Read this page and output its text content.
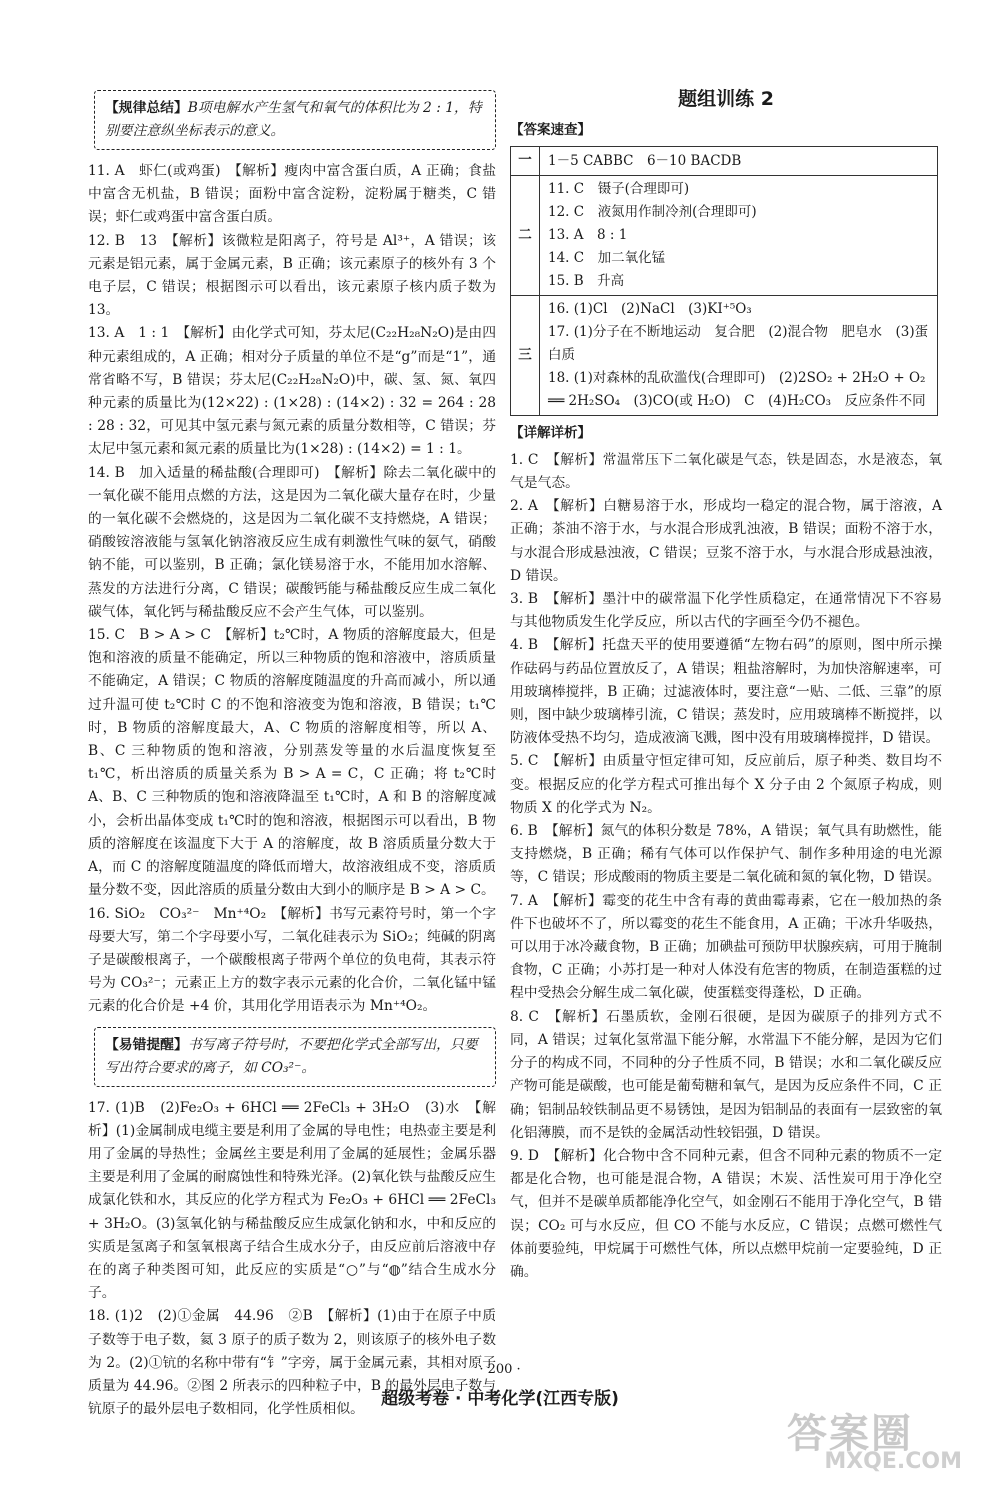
【规律总结】B项电解水产生氢气和氧气的体积比为 2 : 1，特别要注意纵坐标表示的意义。

11. A　虾仁(或鸡蛋)　【解析】瘦肉中富含蛋白质，A 正确；食盐中富含无机盐，B 错误；面粉中富含淀粉，淀粉属于糖类，C 错误；虾仁或鸡蛋中富含蛋白质。

12. B　13　【解析】该微粒是阳离子，符号是 Al³⁺，A 错误；该元素是铝元素，属于金属元素，B 正确；该元素原子的核外有 3 个电子层，C 错误；根据图示可以看出，该元素原子核内质子数为 13。

13. A　1 : 1　【解析】由化学式可知，芬太尼(C₂₂H₂₈N₂O)是由四种元素组成的，A 正确；相对分子质量的单位不是“g”而是“1”，通常省略不写，B 错误；芬太尼(C₂₂H₂₈N₂O)中，碳、氢、氮、氧四种元素的质量比为(12×22) : (1×28) : (14×2) : 32 = 264 : 28 : 28 : 32，可见其中氢元素与氮元素的质量分数相等，C 错误；芬太尼中氢元素和氮元素的质量比为(1×28) : (14×2) = 1 : 1。

14. B　加入适量的稀盐酸(合理即可)　【解析】除去二氧化碳中的一氧化碳不能用点燃的方法，这是因为二氧化碳大量存在时，少量的一氧化碳不会燃烧的，这是因为二氧化碳不支持燃烧，A 错误；硝酸铵溶液能与氢氧化钠溶液反应生成有刺激性气味的氨气，硝酸钠不能，可以鉴别，B 正确；氯化镁易溶于水，不能用加水溶解、蒸发的方法进行分离，C 错误；碳酸钙能与稀盐酸反应生成二氧化碳气体，氧化钙与稀盐酸反应不会产生气体，可以鉴别。

15. C　B > A > C　【解析】t₂℃时，A 物质的溶解度最大，但是饱和溶液的质量不能确定，所以三种物质的饱和溶液中，溶质质量不能确定，A 错误；C 物质的溶解度随温度的升高而减小，所以通过升温可使 t₂℃时 C 的不饱和溶液变为饱和溶液，B 错误；t₁℃时，B 物质的溶解度最大，A、C 物质的溶解度相等，所以 A、B、C 三种物质的饱和溶液，分别蒸发等量的水后温度恢复至 t₁℃，析出溶质的质量关系为 B > A = C，C 正确；将 t₂℃时 A、B、C 三种物质的饱和溶液降温至 t₁℃时，A 和 B 的溶解度减小，会析出晶体变成 t₁℃时的饱和溶液，根据图示可以看出，B 物质的溶解度在该温度下大于 A 的溶解度，故 B 溶质质量分数大于 A，而 C 的溶解度随温度的降低而增大，故溶液组成不变，溶质质量分数不变，因此溶质的质量分数由大到小的顺序是 B > A > C。

16. SiO₂　CO₃²⁻　Mn⁺⁴O₂　【解析】书写元素符号时，第一个字母要大写，第二个字母要小写，二氧化硅表示为 SiO₂；纯碱的阴离子是碳酸根离子，一个碳酸根离子带两个单位的负电荷，其表示符号为 CO₃²⁻；元素正上方的数字表示元素的化合价，二氧化锰中锰元素的化合价是 +4 价，其用化学用语表示为 Mn⁺⁴O₂。

【易错提醒】书写离子符号时，不要把化学式全部写出，只要写出符合要求的离子，如 CO₃²⁻。

17. (1)B　(2)Fe₂O₃ + 6HCl ══ 2FeCl₃ + 3H₂O　(3)水　【解析】(1)金属制成电缆主要是利用了金属的导电性；电热壶主要是利用了金属的导热性；金属丝主要是利用了金属的延展性；金属乐器主要是利用了金属的耐腐蚀性和特殊光泽。(2)氧化铁与盐酸反应生成氯化铁和水，其反应的化学方程式为 Fe₂O₃ + 6HCl ══ 2FeCl₃ + 3H₂O。(3)氢氧化钠与稀盐酸反应生成氯化钠和水，中和反应的实质是氢离子和氢氧根离子结合生成水分子，由反应前后溶液中存在的离子种类图可知，此反应的实质是“○”与“◍”结合生成水分子。

18. (1)2　(2)①金属　44.96　②B　【解析】(1)由于在原子中质子数等于电子数，氦 3 原子的质子数为 2，则该原子的核外电子数为 2。(2)①钪的名称中带有“钅”字旁，属于金属元素，其相对原子质量为 44.96。②图 2 所表示的四种粒子中，B 的最外层电子数与钪原子的最外层电子数相同，化学性质相似。

题组训练 2
【答案速查】
一	1－5 CABBC　6－10 BACDB

二	11. C　镊子(合理即可)
12. C　液氮用作制冷剂(合理即可)
13. A　8 : 1
14. C　加二氧化锰
15. B　升高

三	16. (1)Cl　(2)NaCl　(3)KI⁺⁵O₃
17. (1)分子在不断地运动　复合肥　(2)混合物　肥皂水　(3)蛋白质
18. (1)对森林的乱砍滥伐(合理即可)　(2)2SO₂ + 2H₂O + O₂ ══ 2H₂SO₄　(3)CO(或 H₂O)　C　(4)H₂CO₃　反应条件不同
【详解详析】

1. C　【解析】常温常压下二氧化碳是气态，铁是固态，水是液态，氧气是气态。

2. A　【解析】白糖易溶于水，形成均一稳定的混合物，属于溶液，A 正确；茶油不溶于水，与水混合形成乳浊液，B 错误；面粉不溶于水，与水混合形成悬浊液，C 错误；豆浆不溶于水，与水混合形成悬浊液，D 错误。

3. B　【解析】墨汁中的碳常温下化学性质稳定，在通常情况下不容易与其他物质发生化学反应，所以古代的字画至今仍不褪色。

4. B　【解析】托盘天平的使用要遵循“左物右码”的原则，图中所示操作砝码与药品位置放反了，A 错误；粗盐溶解时，为加快溶解速率，可用玻璃棒搅拌，B 正确；过滤液体时，要注意“一贴、二低、三靠”的原则，图中缺少玻璃棒引流，C 错误；蒸发时，应用玻璃棒不断搅拌，以防液体受热不均匀，造成液滴飞溅，图中没有用玻璃棒搅拌，D 错误。

5. C　【解析】由质量守恒定律可知，反应前后，原子种类、数目均不变。根据反应的化学方程式可推出每个 X 分子由 2 个氮原子构成，则物质 X 的化学式为 N₂。

6. B　【解析】氮气的体积分数是 78%，A 错误；氧气具有助燃性，能支持燃烧，B 正确；稀有气体可以作保护气、制作多种用途的电光源等，C 错误；形成酸雨的物质主要是二氧化硫和氮的氧化物，D 错误。

7. A　【解析】霉变的花生中含有毒的黄曲霉毒素，它在一般加热的条件下也破坏不了，所以霉变的花生不能食用，A 正确；干冰升华吸热，可以用于冰冷藏食物，B 正确；加碘盐可预防甲状腺疾病，可用于腌制食物，C 正确；小苏打是一种对人体没有危害的物质，在制造蛋糕的过程中受热会分解生成二氧化碳，使蛋糕变得蓬松，D 正确。

8. C　【解析】石墨质软，金刚石很硬，是因为碳原子的排列方式不同，A 错误；过氧化氢常温下能分解，水常温下不能分解，是因为它们分子的构成不同，不同种的分子性质不同，B 错误；水和二氧化碳反应产物可能是碳酸，也可能是葡萄糖和氧气，是因为反应条件不同，C 正确；铝制品较铁制品更不易锈蚀，是因为铝制品的表面有一层致密的氧化铝薄膜，而不是铁的金属活动性较铝强，D 错误。

9. D　【解析】化合物中含不同种元素，但含不同种元素的物质不一定都是化合物，也可能是混合物，A 错误；木炭、活性炭可用于净化空气，但并不是碳单质都能净化空气，如金刚石不能用于净化空气，B 错误；CO₂ 可与水反应，但 CO 不能与水反应，C 错误；点燃可燃性气体前要验纯，甲烷属于可燃性气体，所以点燃甲烷前一定要验纯，D 正确。

· 200 ·
超级考卷 · 中考化学(江西专版)
答案圈
MXQE.COM
